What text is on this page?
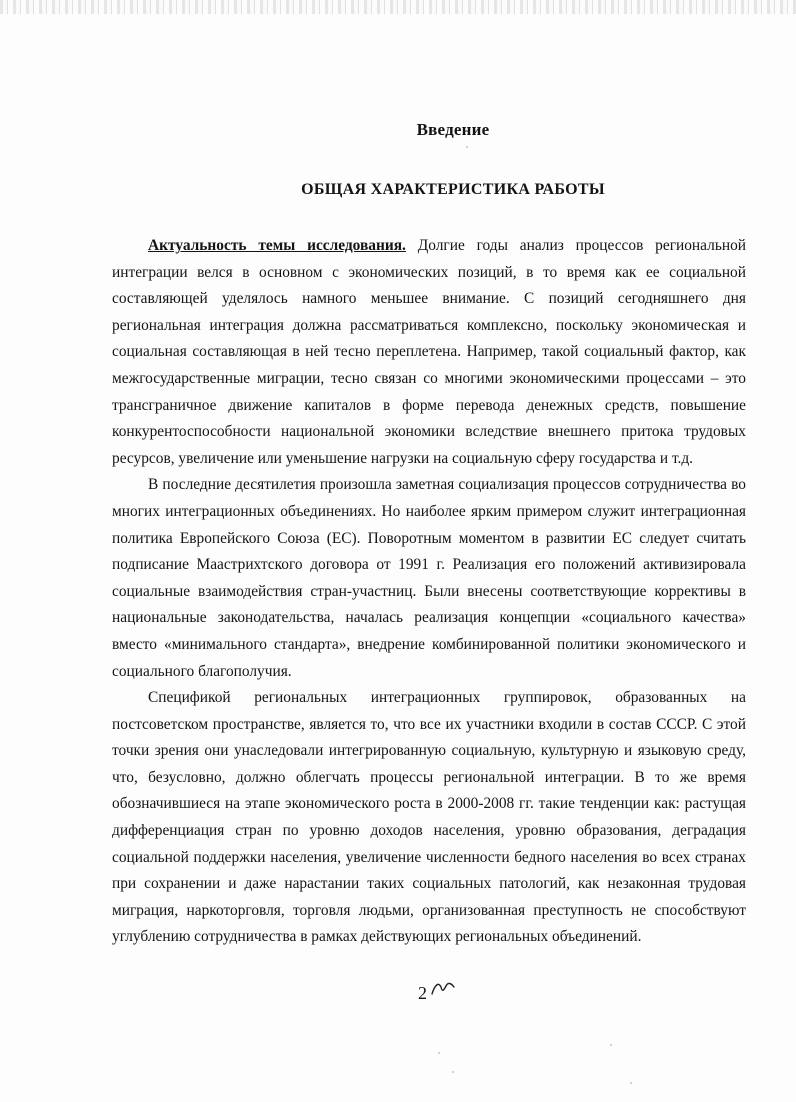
Введение
ОБЩАЯ ХАРАКТЕРИСТИКА РАБОТЫ

Актуальность темы исследования. Долгие годы анализ процессов региональной интеграции велся в основном с экономических позиций, в то время как ее социальной составляющей уделялось намного меньшее внимание. С позиций сегодняшнего дня региональная интеграция должна рассматриваться комплексно, поскольку экономическая и социальная составляющая в ней тесно переплетена. Например, такой социальный фактор, как межгосударственные миграции, тесно связан со многими экономическими процессами – это трансграничное движение капиталов в форме перевода денежных средств, повышение конкурентоспособности национальной экономики вследствие внешнего притока трудовых ресурсов, увеличение или уменьшение нагрузки на социальную сферу государства и т.д.

В последние десятилетия произошла заметная социализация процессов сотрудничества во многих интеграционных объединениях. Но наиболее ярким примером служит интеграционная политика Европейского Союза (ЕС). Поворотным моментом в развитии ЕС следует считать подписание Маастрихтского договора от 1991 г. Реализация его положений активизировала социальные взаимодействия стран-участниц. Были внесены соответствующие коррективы в национальные законодательства, началась реализация концепции «социального качества» вместо «минимального стандарта», внедрение комбинированной политики экономического и социального благополучия.

Спецификой региональных интеграционных группировок, образованных на постсоветском пространстве, является то, что все их участники входили в состав СССР. С этой точки зрения они унаследовали интегрированную социальную, культурную и языковую среду, что, безусловно, должно облегчать процессы региональной интеграции. В то же время обозначившиеся на этапе экономического роста в 2000-2008 гг. такие тенденции как: растущая дифференциация стран по уровню доходов населения, уровню образования, деградация социальной поддержки населения, увеличение численности бедного населения во всех странах при сохранении и даже нарастании таких социальных патологий, как незаконная трудовая миграция, наркоторговля, торговля людьми, организованная преступность не способствуют углублению сотрудничества в рамках действующих региональных объединений.

2
